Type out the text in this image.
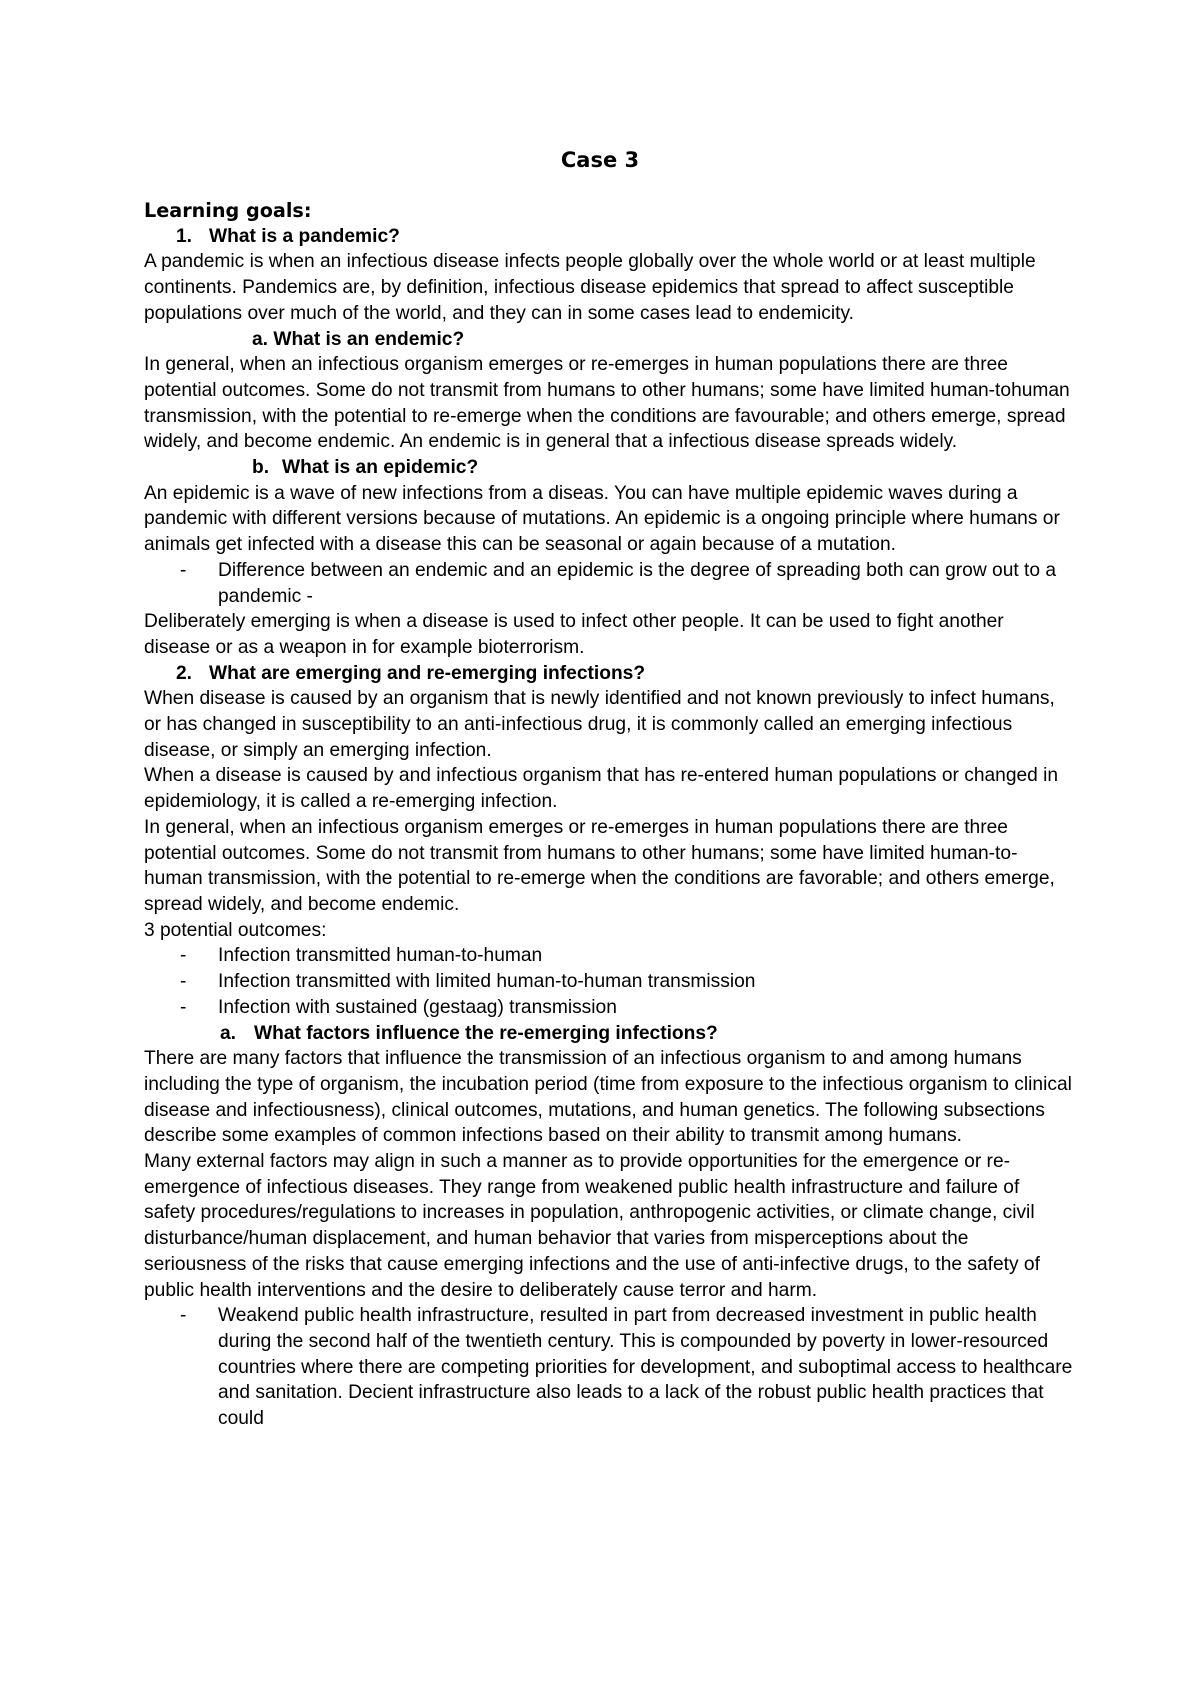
Case 3

Learning goals:

1. What is a pandemic?

A pandemic is when an infectious disease infects people globally over the whole world or at least multiple continents. Pandemics are, by definition, infectious disease epidemics that spread to affect susceptible populations over much of the world, and they can in some cases lead to endemicity.

a. What is an endemic?

In general, when an infectious organism emerges or re-emerges in human populations there are three potential outcomes. Some do not transmit from humans to other humans; some have limited human-tohuman transmission, with the potential to re-emerge when the conditions are favourable; and others emerge, spread widely, and become endemic. An endemic is in general that a infectious disease spreads widely.

b. What is an epidemic?

An epidemic is a wave of new infections from a diseas. You can have multiple epidemic waves during a pandemic with different versions because of mutations. An epidemic is a ongoing principle where humans or animals get infected with a disease this can be seasonal or again because of a mutation.

-	Difference between an endemic and an epidemic is the degree of spreading both can grow out to a pandemic -

Deliberately emerging is when a disease is used to infect other people. It can be used to fight another disease or as a weapon in for example bioterrorism.

2. What are emerging and re-emerging infections?

When disease is caused by an organism that is newly identified and not known previously to infect humans, or has changed in susceptibility to an anti-infectious drug, it is commonly called an emerging infectious disease, or simply an emerging infection.

When a disease is caused by and infectious organism that has re-entered human populations or changed in epidemiology, it is called a re-emerging infection.

In general, when an infectious organism emerges or re-emerges in human populations there are three potential outcomes. Some do not transmit from humans to other humans; some have limited human-to-human transmission, with the potential to re-emerge when the conditions are favorable; and others emerge, spread widely, and become endemic.

3 potential outcomes:

-	Infection transmitted human-to-human
-	Infection transmitted with limited human-to-human transmission
-	Infection with sustained (gestaag) transmission
a. What factors influence the re-emerging infections?

There are many factors that influence the transmission of an infectious organism to and among humans including the type of organism, the incubation period (time from exposure to the infectious organism to clinical disease and infectiousness), clinical outcomes, mutations, and human genetics. The following subsections describe some examples of common infections based on their ability to transmit among humans.

Many external factors may align in such a manner as to provide opportunities for the emergence or re-emergence of infectious diseases. They range from weakened public health infrastructure and failure of safety procedures/regulations to increases in population, anthropogenic activities, or climate change, civil disturbance/human displacement, and human behavior that varies from misperceptions about the seriousness of the risks that cause emerging infections and the use of anti-infective drugs, to the safety of public health interventions and the desire to deliberately cause terror and harm.

-	Weakend public health infrastructure, resulted in part from decreased investment in public health during the second half of the twentieth century. This is compounded by poverty in lower-resourced countries where there are competing priorities for development, and suboptimal access to healthcare and sanitation. Decient infrastructure also leads to a lack of the robust public health practices that could
